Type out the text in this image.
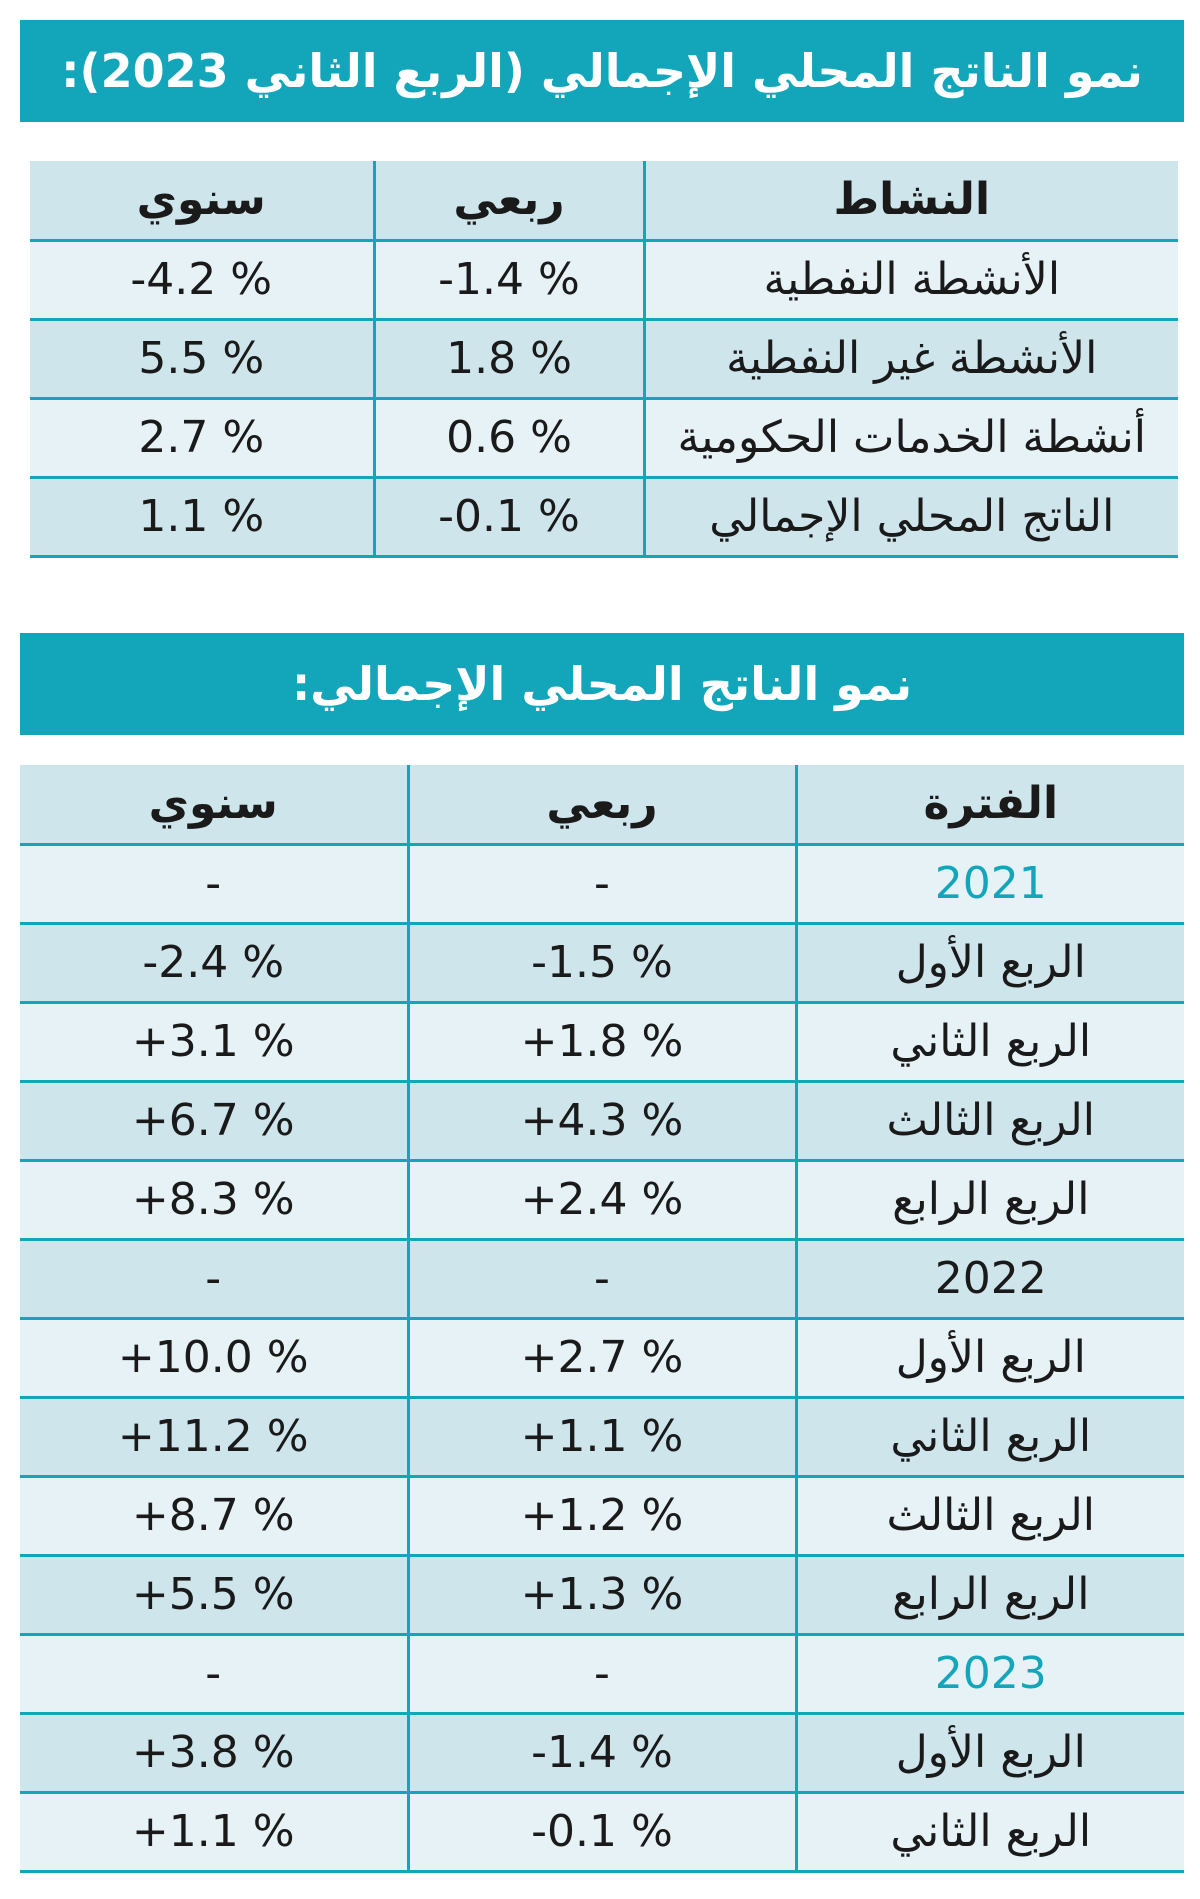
نمو الناتج المحلي الإجمالي (الربع الثاني 2023):
النشاط	ربعي	سنوي
الأنشطة النفطية	-1.4 %	-4.2 %
الأنشطة غير النفطية	1.8 %	5.5 %
أنشطة الخدمات الحكومية	0.6 %	2.7 %
الناتج المحلي الإجمالي	-0.1 %	1.1 %
نمو الناتج المحلي الإجمالي:
الفترة	ربعي	سنوي
2021	-	-
الربع الأول	-1.5 %	-2.4 %
الربع الثاني	+1.8 %	+3.1 %
الربع الثالث	+4.3 %	+6.7 %
الربع الرابع	+2.4 %	+8.3 %
2022	-	-
الربع الأول	+2.7 %	+10.0 %
الربع الثاني	+1.1 %	+11.2 %
الربع الثالث	+1.2 %	+8.7 %
الربع الرابع	+1.3 %	+5.5 %
2023	-	-
الربع الأول	-1.4 %	+3.8 %
الربع الثاني	-0.1 %	+1.1 %
